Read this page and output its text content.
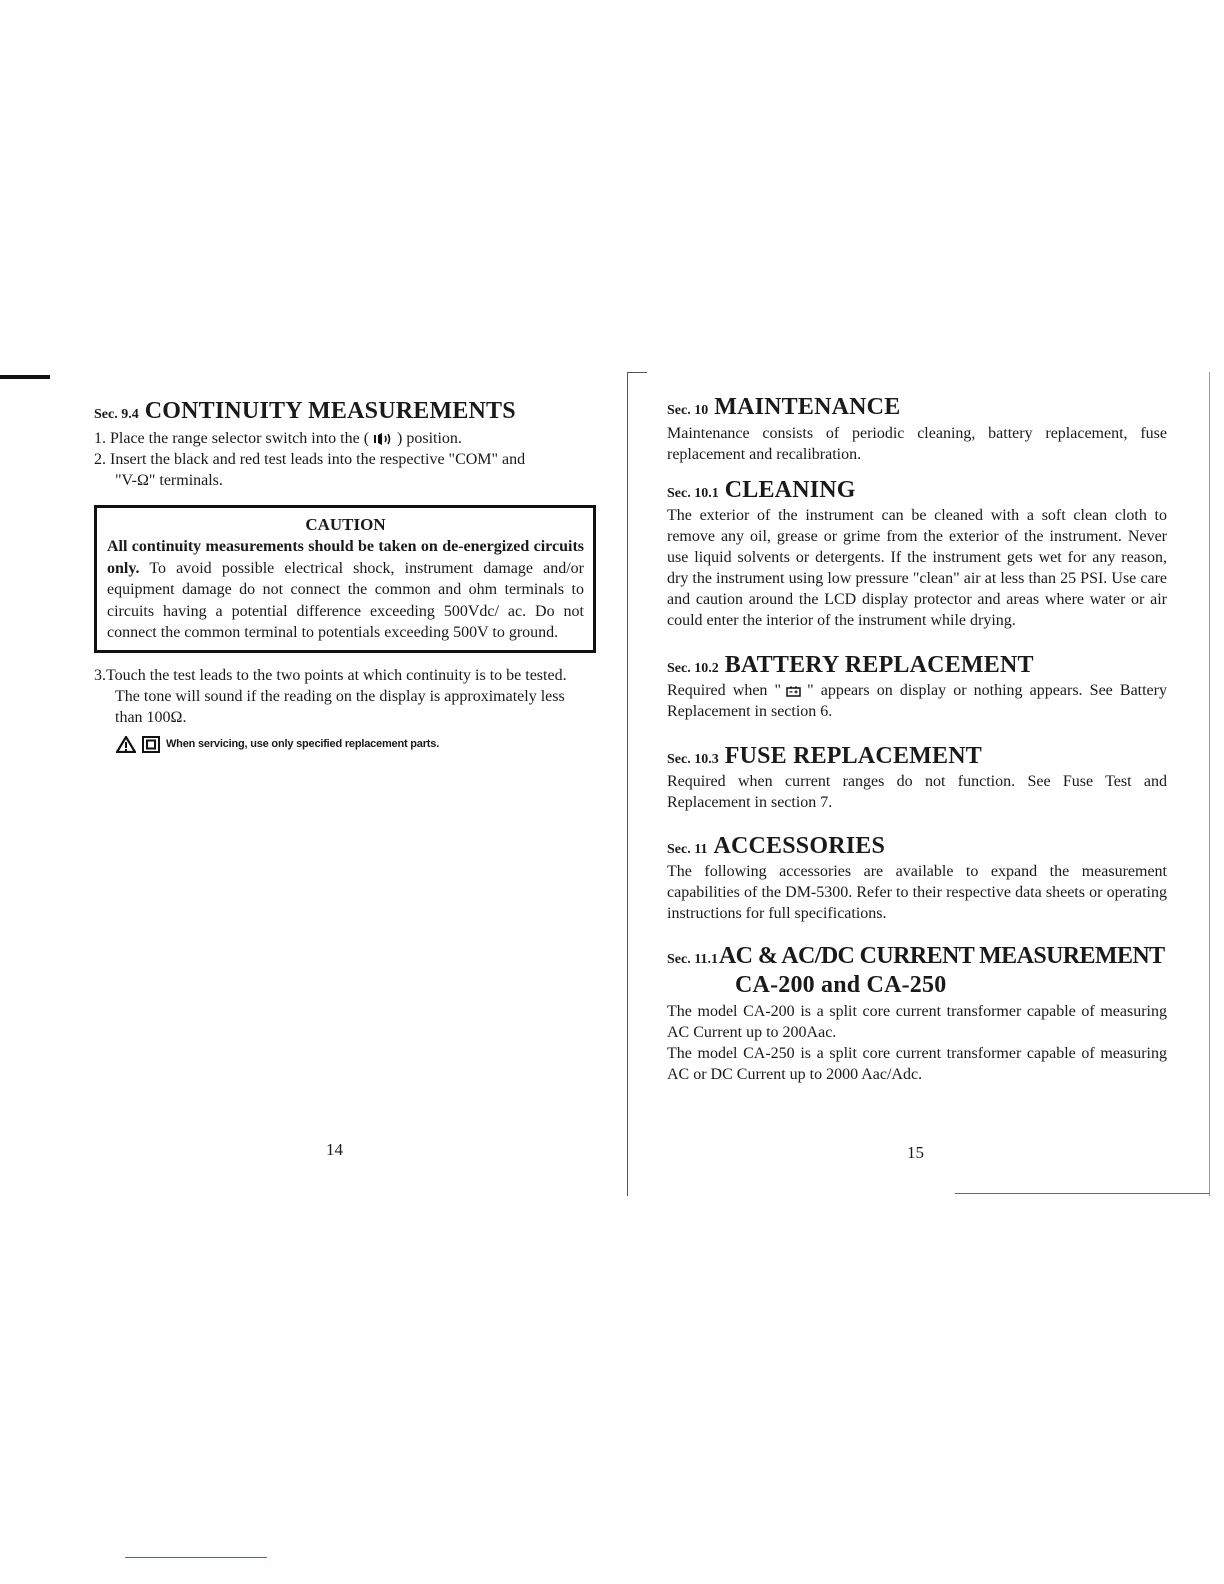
Sec. 9.4 CONTINUITY MEASUREMENTS
1. Place the range selector switch into the ( ) position.
2. Insert the black and red test leads into the respective "COM" and
"V-Ω" terminals.
CAUTION

All continuity measurements should be taken on de-energized circuits only. To avoid possible electrical shock, instrument damage and/or equipment damage do not connect the common and ohm terminals to circuits having a potential difference exceeding 500Vdc/ ac. Do not connect the common terminal to potentials exceeding 500V to ground.

3.Touch the test leads to the two points at which continuity is to be tested.
The tone will sound if the reading on the display is approximately less
than 100Ω.
When servicing, use only specified replacement parts.
14
Sec. 10 MAINTENANCE

Maintenance consists of periodic cleaning, battery replacement, fuse replacement and recalibration.

Sec. 10.1 CLEANING

The exterior of the instrument can be cleaned with a soft clean cloth to remove any oil, grease or grime from the exterior of the instrument. Never use liquid solvents or detergents. If the instrument gets wet for any reason, dry the instrument using low pressure "clean" air at less than 25 PSI. Use care and caution around the LCD display protector and areas where water or air could enter the interior of the instrument while drying.

Sec. 10.2 BATTERY REPLACEMENT

Required when " " appears on display or nothing appears. See Battery Replacement in section 6.

Sec. 10.3 FUSE REPLACEMENT

Required when current ranges do not function. See Fuse Test and Replacement in section 7.

Sec. 11 ACCESSORIES

The following accessories are available to expand the measurement capabilities of the DM-5300. Refer to their respective data sheets or operating instructions for full specifications.

Sec. 11.1AC & AC/DC CURRENT MEASUREMENT
CA-200 and CA-250

The model CA-200 is a split core current transformer capable of measuring AC Current up to 200Aac.

The model CA-250 is a split core current transformer capable of measuring AC or DC Current up to 2000 Aac/Adc.

15
